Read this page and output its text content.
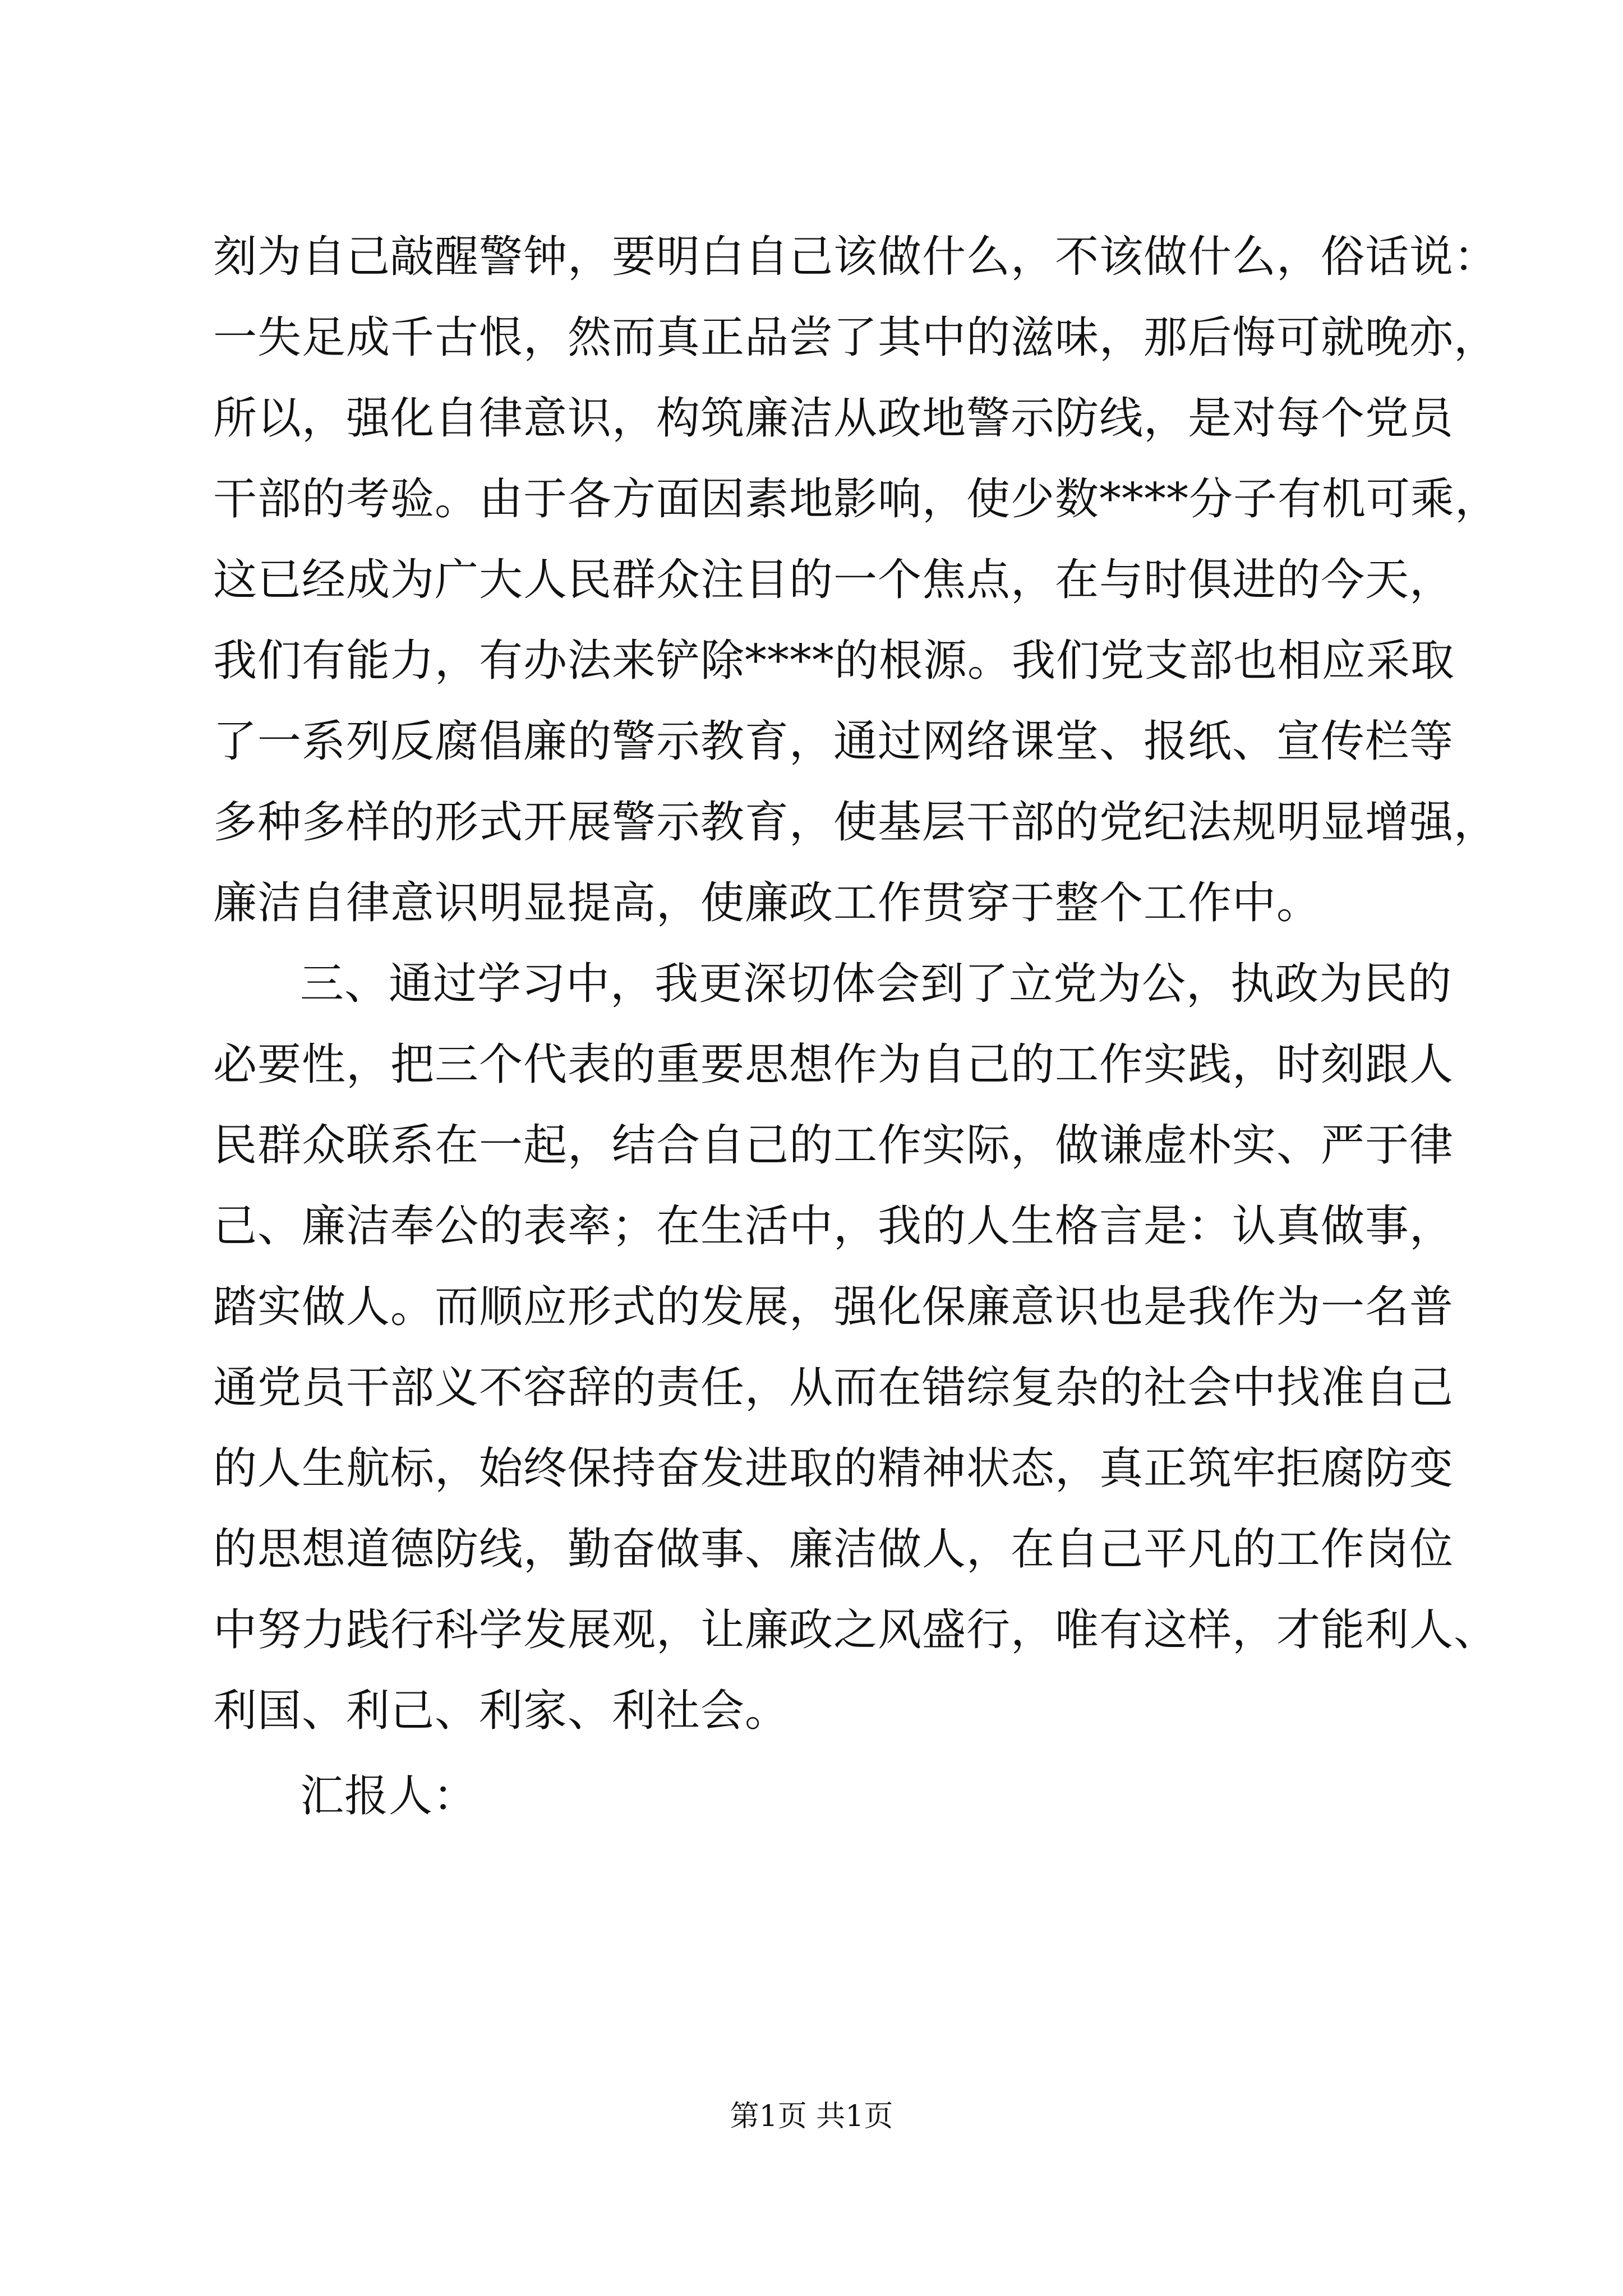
刻为自己敲醒警钟，要明白自己该做什么，不该做什么，俗话说：
一失足成千古恨，然而真正品尝了其中的滋味，那后悔可就晚亦，
所以，强化自律意识，构筑廉洁从政地警示防线，是对每个党员
干部的考验。由于各方面因素地影响，使少数****分子有机可乘，
这已经成为广大人民群众注目的一个焦点，在与时俱进的今天，
我们有能力，有办法来铲除****的根源。我们党支部也相应采取
了一系列反腐倡廉的警示教育，通过网络课堂、报纸、宣传栏等
多种多样的形式开展警示教育，使基层干部的党纪法规明显增强，
廉洁自律意识明显提高，使廉政工作贯穿于整个工作中。
三、通过学习中，我更深切体会到了立党为公，执政为民的
必要性，把三个代表的重要思想作为自己的工作实践，时刻跟人
民群众联系在一起，结合自己的工作实际，做谦虚朴实、严于律
己、廉洁奉公的表率；在生活中，我的人生格言是：认真做事，
踏实做人。而顺应形式的发展，强化保廉意识也是我作为一名普
通党员干部义不容辞的责任，从而在错综复杂的社会中找准自己
的人生航标，始终保持奋发进取的精神状态，真正筑牢拒腐防变
的思想道德防线，勤奋做事、廉洁做人，在自己平凡的工作岗位
中努力践行科学发展观，让廉政之风盛行，唯有这样，才能利人、
利国、利己、利家、利社会。
汇报人：
第1页 共1页
